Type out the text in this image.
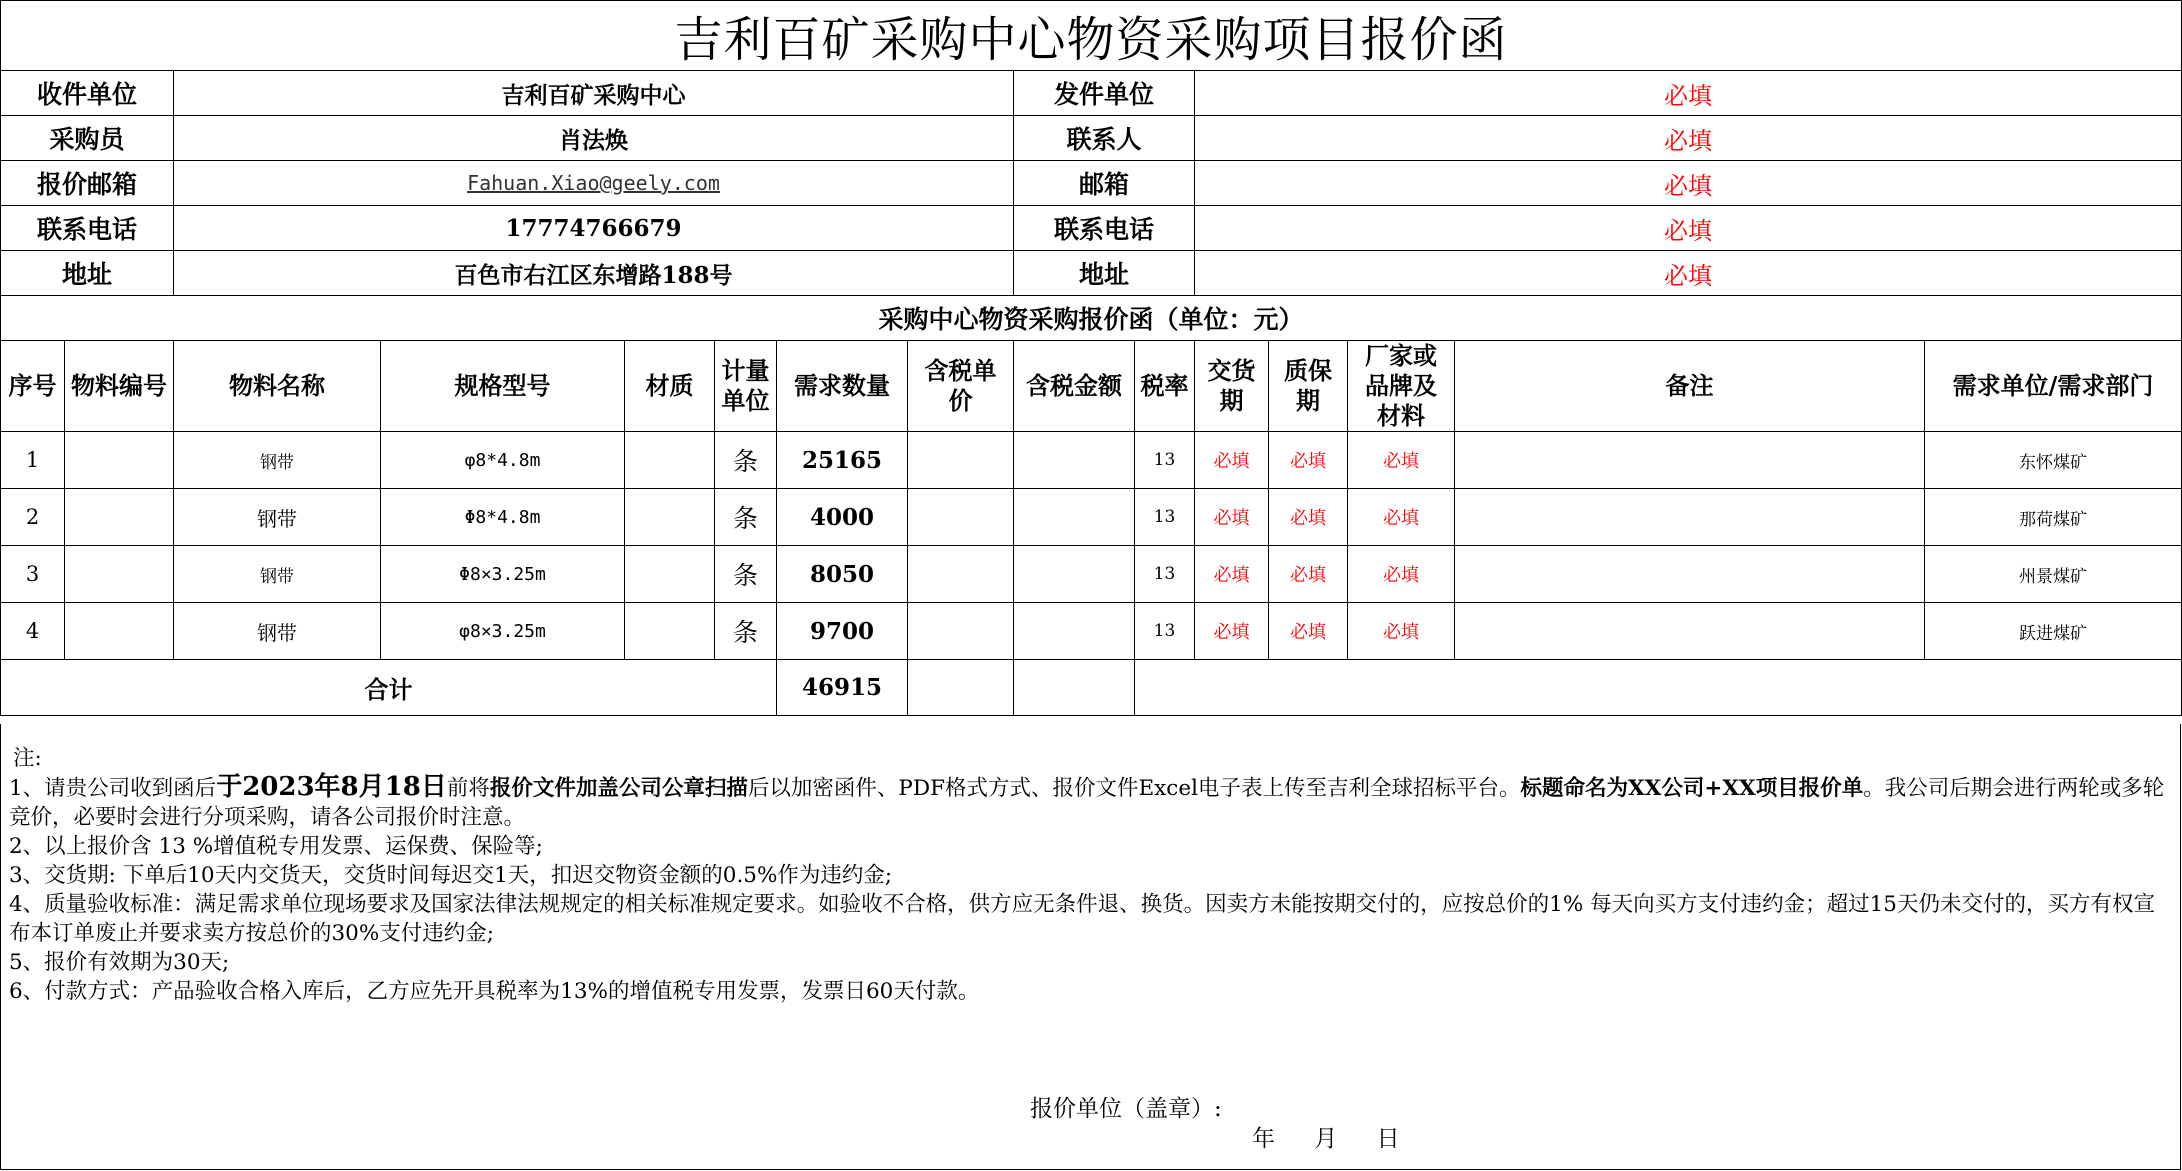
吉利百矿采购中心物资采购项目报价函														
收件单位		吉利百矿采购中心						发件单位		必填				
采购员		肖法焕						联系人		必填				
报价邮箱		Fahuan.Xiao@geely.com						邮箱		必填				
联系电话		17774766679						联系电话		必填				
地址		百色市右江区东增路188号						地址		必填				
采购中心物资采购报价函（单位：元）														
序号	物料编号	物料名称	规格型号	材质	计量单位	需求数量	含税单价	含税金额	税率	交货期	质保期	厂家或品牌及材料	备注	需求单位/需求部门
1		钢带	φ8*4.8m		条	25165			13	必填	必填	必填		东怀煤矿
2		钢带	Φ8*4.8m		条	4000			13	必填	必填	必填		那荷煤矿
3		钢带	Φ8×3.25m		条	8050			13	必填	必填	必填		州景煤矿
4		钢带	φ8×3.25m		条	9700			13	必填	必填	必填		跃进煤矿
合计						46915								

注:

1、请贵公司收到函后于2023年8月18日前将报价文件加盖公司公章扫描后以加密函件、PDF格式方式、报价文件Excel电子表上传至吉利全球招标平台。标题命名为XX公司+XX项目报价单。我公司后期会进行两轮或多轮竞价，必要时会进行分项采购，请各公司报价时注意。

2、以上报价含 13 %增值税专用发票、运保费、保险等;

3、交货期: 下单后10天内交货天，交货时间每迟交1天，扣迟交物资金额的0.5%作为违约金;

4、质量验收标准：满足需求单位现场要求及国家法律法规规定的相关标准规定要求。如验收不合格，供方应无条件退、换货。因卖方未能按期交付的，应按总价的1% 每天向买方支付违约金；超过15天仍未交付的，买方有权宣布本订单废止并要求卖方按总价的30%支付违约金;

5、报价有效期为30天;

6、付款方式：产品验收合格入库后，乙方应先开具税率为13%的增值税专用发票，发票日60天付款。

报价单位（盖章）:
年 月 日
